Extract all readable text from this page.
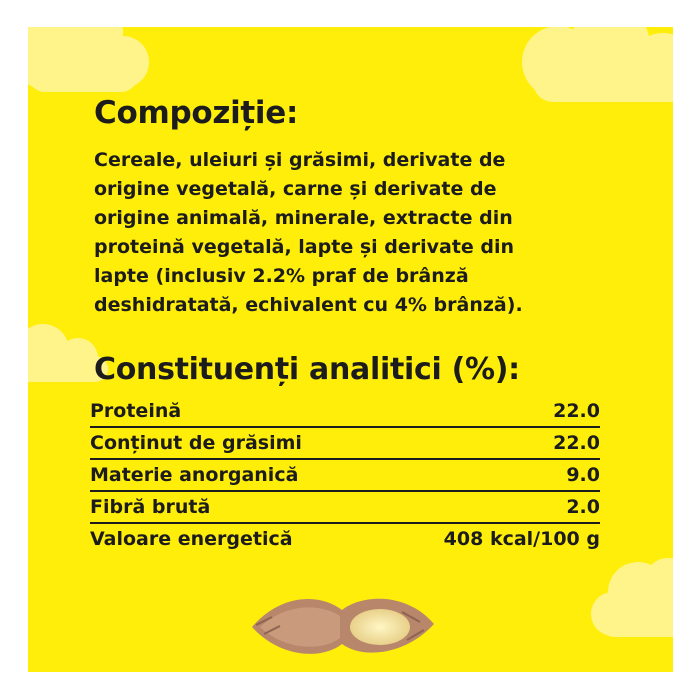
Compoziție:

Cereale, uleiuri și grăsimi, derivate de
origine vegetală, carne și derivate de
origine animală, minerale, extracte din
proteină vegetală, lapte și derivate din
lapte (inclusiv 2.2% praf de brânză
deshidratată, echivalent cu 4% brânză).

Constituenți analitici (%):
Proteină	22.0
Conținut de grăsimi	22.0
Materie anorganică	9.0
Fibră brută	2.0
Valoare energetică	408 kcal/100 g
